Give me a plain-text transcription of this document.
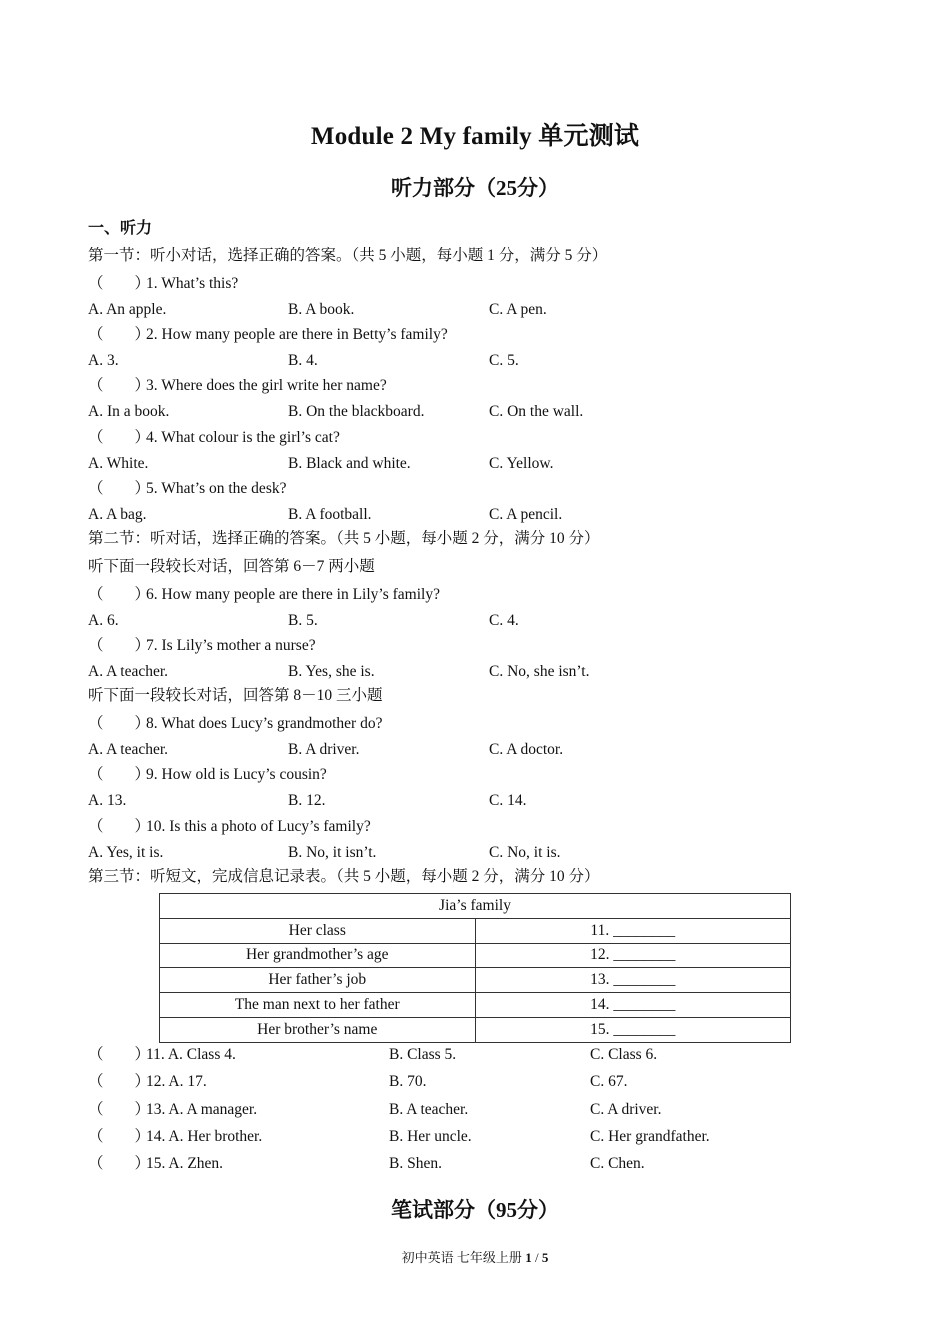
Module 2 My family 单元测试
听力部分（25分）
一、听力
第一节：听小对话，选择正确的答案。（共 5 小题，每小题 1 分，满分 5 分）
（　　）1. What’s this?
A. An apple.	B. A book.	C. A pen.
（　　）2. How many people are there in Betty’s family?
A. 3.	B. 4.	C. 5.
（　　）3. Where does the girl write her name?
A. In a book.	B. On the blackboard.	C. On the wall.
（　　）4. What colour is the girl’s cat?
A. White.	B. Black and white.	C. Yellow.
（　　）5. What’s on the desk?
A. A bag.	B. A football.	C. A pencil.
第二节：听对话，选择正确的答案。（共 5 小题，每小题 2 分，满分 10 分）
听下面一段较长对话，回答第 6－7 两小题
（　　）6. How many people are there in Lily’s family?
A. 6.	B. 5.	C. 4.
（　　）7. Is Lily’s mother a nurse?
A. A teacher.	B. Yes, she is.	C. No, she isn’t.
听下面一段较长对话，回答第 8－10 三小题
（　　）8. What does Lucy’s grandmother do?
A. A teacher.	B. A driver.	C. A doctor.
（　　）9. How old is Lucy’s cousin?
A. 13.	B. 12.	C. 14.
（　　）10. Is this a photo of Lucy’s family?
A. Yes, it is.	B. No, it isn’t.	C. No, it is.
第三节：听短文，完成信息记录表。（共 5 小题，每小题 2 分，满分 10 分）
Jia’s family	
Her class	11. ________
Her grandmother’s age	12. ________
Her father’s job	13. ________
The man next to her father	14. ________
Her brother’s name	15. ________
（　　）11. A. Class 4.	B. Class 5.	C. Class 6.
（　　）12. A. 17.	B. 70.	C. 67.
（　　）13. A. A manager.	B. A teacher.	C. A driver.
（　　）14. A. Her brother.	B. Her uncle.	C. Her grandfather.
（　　）15. A. Zhen.	B. Shen.	C. Chen.
笔试部分（95分）
初中英语 七年级上册 1 / 5
